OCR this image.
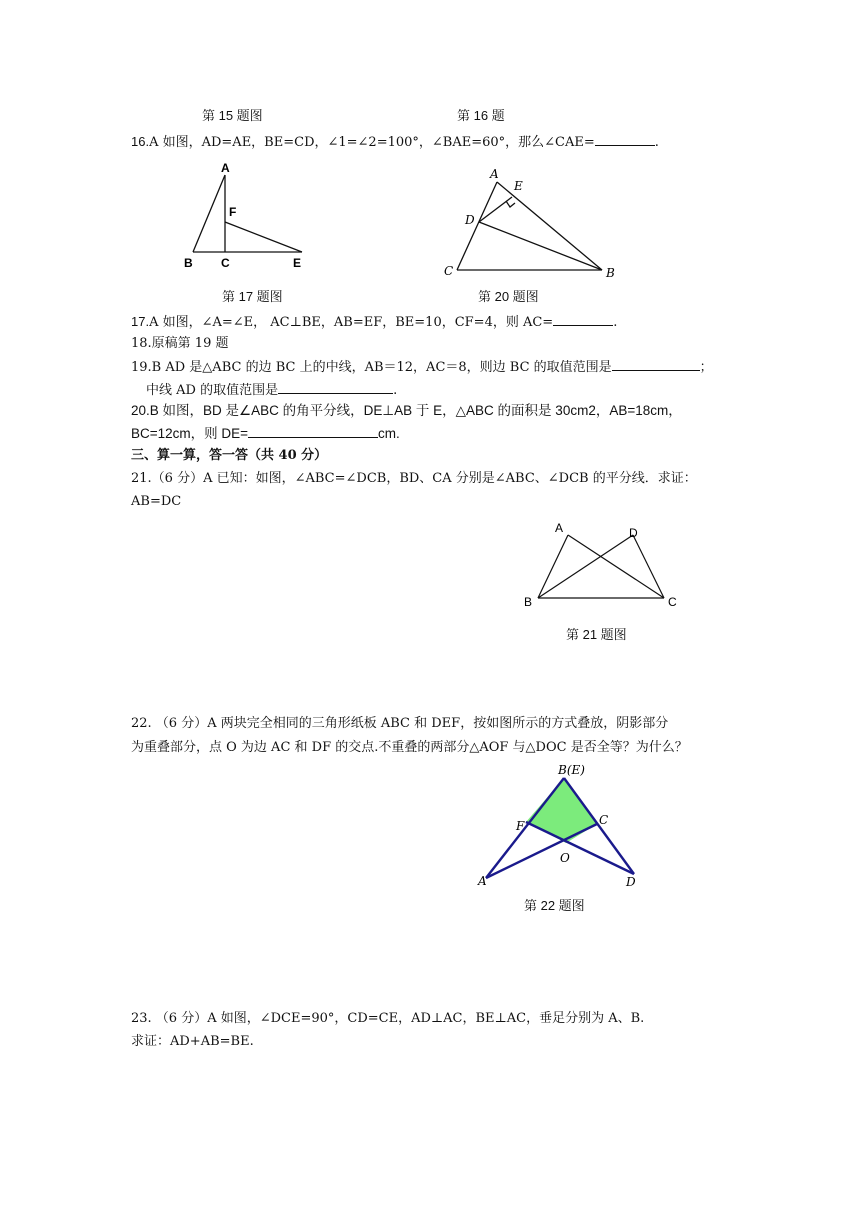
第 15 题图	第 16 题
16.A 如图，AD=AE，BE=CD，∠1=∠2=100°，∠BAE=60°，那么∠CAE=	.
A
F
B C	E
A
E
D
C	B
第 17 题图	第 20 题图
17.A 如图，∠A=∠E， AC⊥BE，AB=EF，BE=10，CF=4，则 AC=	.
18.原稿第 19 题
19.B AD 是△ABC 的边 BC 上的中线，AB＝12，AC＝8，则边 BC 的取值范围是	；
中线 AD 的取值范围是	.
20.B 如图，BD 是∠ABC 的角平分线，DE⊥AB 于 E，△ABC 的面积是 30cm2，AB=18cm，
BC=12cm，则 DE=	cm.
三、算一算，答一答（共 40 分）
21.（6 分）A 已知：如图，∠ABC=∠DCB，BD、CA 分别是∠ABC、∠DCB 的平分线．求证：
AB=DC
A	D
B	C
第 21 题图
22. （6 分）A 两块完全相同的三角形纸板 ABC 和 DEF，按如图所示的方式叠放，阴影部分
为重叠部分，点 O 为边 AC 和 DF 的交点.不重叠的两部分△AOF 与△DOC 是否全等？为什么？
B(E)
F	C
O
A	D
第 22 题图
23. （6 分）A 如图，∠DCE=90°，CD=CE，AD⊥AC，BE⊥AC，垂足分别为 A、B.
求证：AD+AB=BE.
